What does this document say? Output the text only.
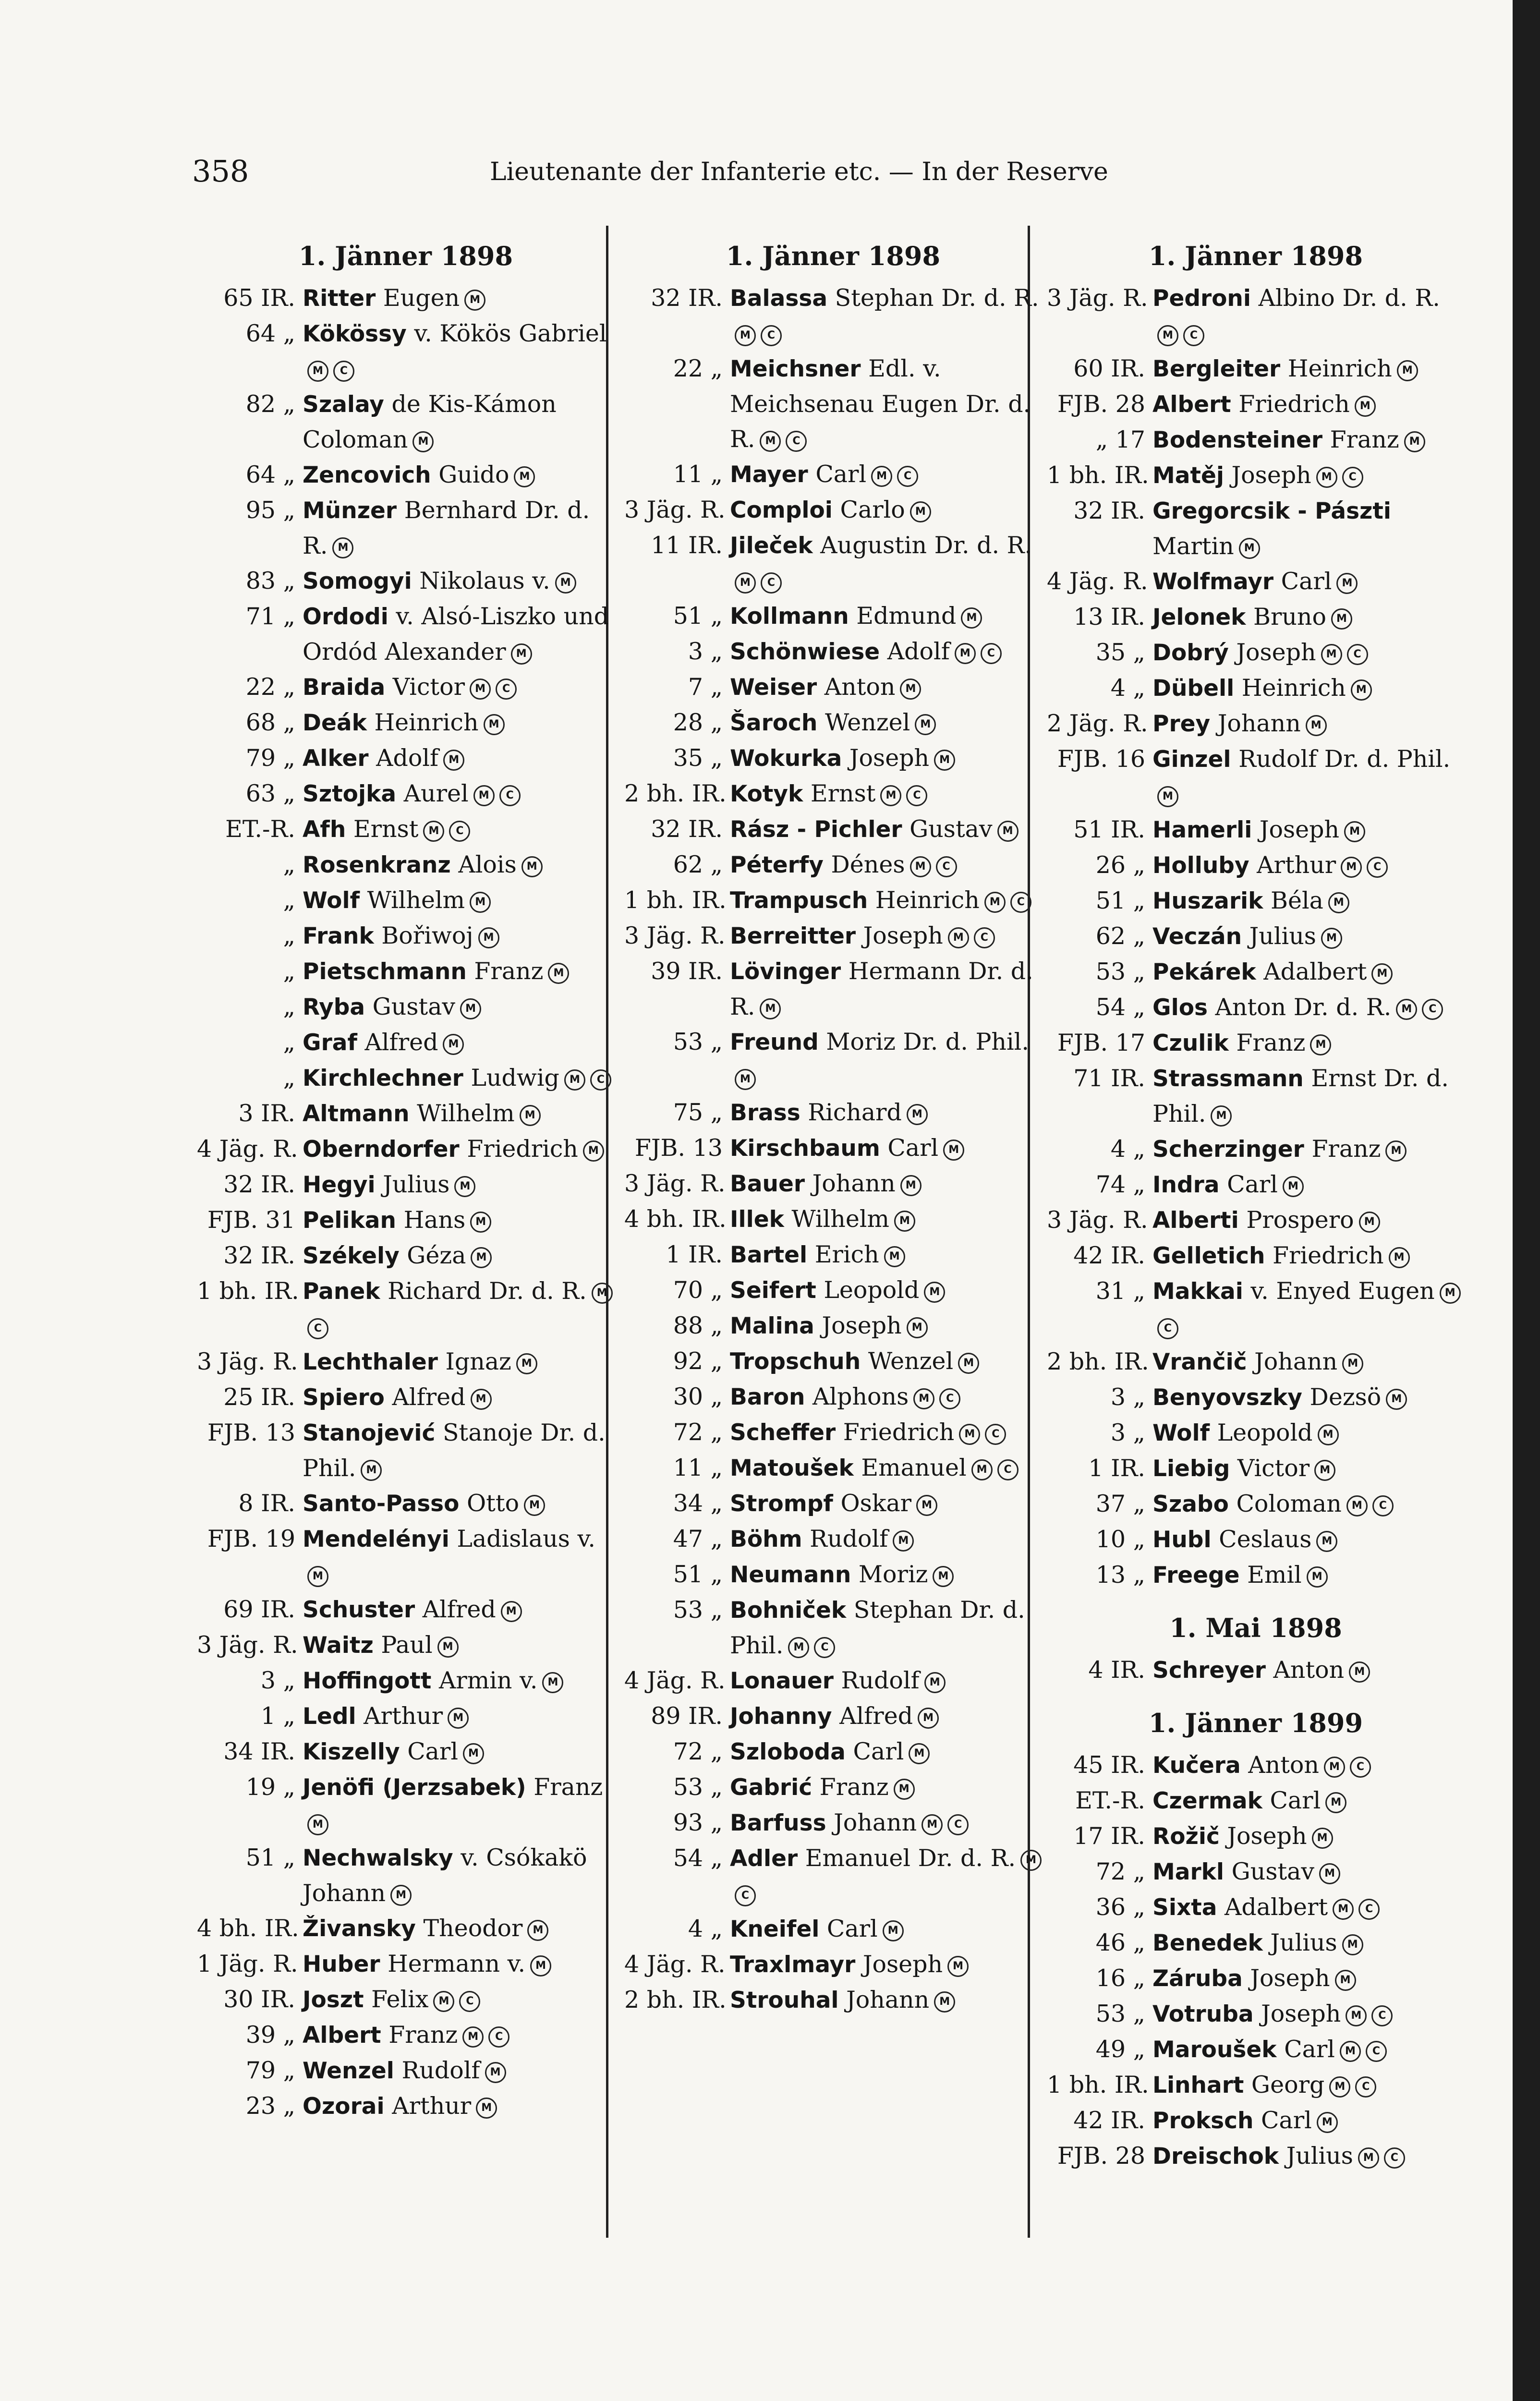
358	Lieutenante der Infanterie etc. — In der Reserve
1. Jänner 1898
65 IR. Ritter Eugen M
64 „ Kökössy v. Kökös GabrielM C
82 „ Szalay de Kis-Kámon Coloman M
64 „ Zencovich Guido M
95 „ Münzer Bernhard Dr. d. R. M
83 „ Somogyi Nikolaus v. M
71 „ Ordodi v. Alsó-Liszko und Ordód Alexander M
22 „ Braida Victor M C
68 „ Deák Heinrich M
79 „ Alker Adolf M
63 „ Sztojka Aurel M C
ET.-R. Afh Ernst M C
„ Rosenkranz Alois M
„ Wolf Wilhelm M
„ Frank Bořiwoj M
„ Pietschmann Franz M
„ Ryba Gustav M
„ Graf Alfred M
„ Kirchlechner Ludwig M C
3 IR. Altmann Wilhelm M
4 Jäg. R. Oberndorfer Friedrich M
32 IR. Hegyi Julius M
FJB. 31 Pelikan Hans M
32 IR. Székely Géza M
1 bh. IR. Panek Richard Dr. d. R. MC
3 Jäg. R. Lechthaler Ignaz M
25 IR. Spiero Alfred M
FJB. 13 Stanojević Stanoje Dr. d. Phil. M
8 IR. Santo-Passo Otto M
FJB. 19 Mendelényi Ladislaus v.M
69 IR. Schuster Alfred M
3 Jäg. R. Waitz Paul M
3 „ Hoffingott Armin v. M
1 „ Ledl Arthur M
34 IR. Kiszelly Carl M
19 „ Jenöfi (Jerzsabek) FranzM
51 „ Nechwalsky v. Csókakö Johann M
4 bh. IR. Živansky Theodor M
1 Jäg. R. Huber Hermann v. M
30 IR. Joszt Felix M C
39 „ Albert Franz M C
79 „ Wenzel Rudolf M
23 „ Ozorai Arthur M
1. Jänner 1898
32 IR. Balassa Stephan Dr. d. R.M C
22 „ Meichsner Edl. v. Meichsenau Eugen Dr. d. R. M C
11 „ Mayer Carl M C
3 Jäg. R. Comploi Carlo M
11 IR. Jileček Augustin Dr. d. R.M C
51 „ Kollmann Edmund M
3 „ Schönwiese Adolf M C
7 „ Weiser Anton M
28 „ Šaroch Wenzel M
35 „ Wokurka Joseph M
2 bh. IR. Kotyk Ernst M C
32 IR. Rász - Pichler Gustav M
62 „ Péterfy Dénes M C
1 bh. IR. Trampusch Heinrich M C
3 Jäg. R. Berreitter Joseph M C
39 IR. Lövinger Hermann Dr. d. R. M
53 „ Freund Moriz Dr. d. Phil.M
75 „ Brass Richard M
FJB. 13 Kirschbaum Carl M
3 Jäg. R. Bauer Johann M
4 bh. IR. Illek Wilhelm M
1 IR. Bartel Erich M
70 „ Seifert Leopold M
88 „ Malina Joseph M
92 „ Tropschuh Wenzel M
30 „ Baron Alphons M C
72 „ Scheffer Friedrich M C
11 „ Matoušek Emanuel M C
34 „ Strompf Oskar M
47 „ Böhm Rudolf M
51 „ Neumann Moriz M
53 „ Bohniček Stephan Dr. d. Phil. M C
4 Jäg. R. Lonauer Rudolf M
89 IR. Johanny Alfred M
72 „ Szloboda Carl M
53 „ Gabrić Franz M
93 „ Barfuss Johann M C
54 „ Adler Emanuel Dr. d. R. MC
4 „ Kneifel Carl M
4 Jäg. R. Traxlmayr Joseph M
2 bh. IR. Strouhal Johann M
1. Jänner 1898
3 Jäg. R. Pedroni Albino Dr. d. R.M C
60 IR. Bergleiter Heinrich M
FJB. 28 Albert Friedrich M
„ 17 Bodensteiner Franz M
1 bh. IR. Matěj Joseph M C
32 IR. Gregorcsik - Pászti Martin M
4 Jäg. R. Wolfmayr Carl M
13 IR. Jelonek Bruno M
35 „ Dobrý Joseph M C
4 „ Dübell Heinrich M
2 Jäg. R. Prey Johann M
FJB. 16 Ginzel Rudolf Dr. d. Phil.M
51 IR. Hamerli Joseph M
26 „ Holluby Arthur M C
51 „ Huszarik Béla M
62 „ Veczán Julius M
53 „ Pekárek Adalbert M
54 „ Glos Anton Dr. d. R. M C
FJB. 17 Czulik Franz M
71 IR. Strassmann Ernst Dr. d. Phil. M
4 „ Scherzinger Franz M
74 „ Indra Carl M
3 Jäg. R. Alberti Prospero M
42 IR. Gelletich Friedrich M
31 „ Makkai v. Enyed Eugen MC
2 bh. IR. Vrančič Johann M
3 „ Benyovszky Dezsö M
3 „ Wolf Leopold M
1 IR. Liebig Victor M
37 „ Szabo Coloman M C
10 „ Hubl Ceslaus M
13 „ Freege Emil M
1. Mai 1898
4 IR. Schreyer Anton M
1. Jänner 1899
45 IR. Kučera Anton M C
ET.-R. Czermak Carl M
17 IR. Rožič Joseph M
72 „ Markl Gustav M
36 „ Sixta Adalbert M C
46 „ Benedek Julius M
16 „ Záruba Joseph M
53 „ Votruba Joseph M C
49 „ Maroušek Carl M C
1 bh. IR. Linhart Georg M C
42 IR. Proksch Carl M
FJB. 28 Dreischok Julius M C
